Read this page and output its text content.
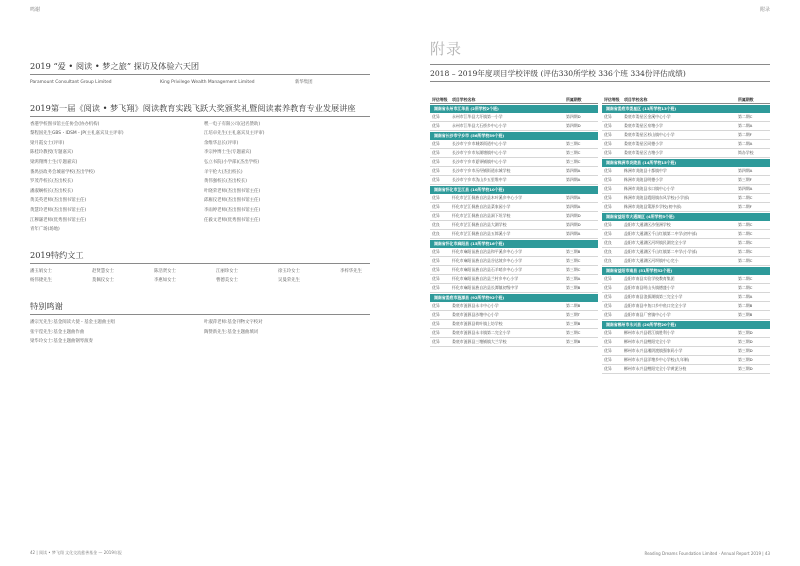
鸣谢
2019 “爱 • 阅读 • 梦之旅” 探访及体验六天团
Paramount Consultant Group Limited	King Privilege Wealth Management Limited	新华集团
2019第一届《阅读 • 梦飞翔》阅读教育实践飞跃大奖颁奖礼暨阅读素养教育专业发展讲座
香港学校图书馆主任协会(协办机构)	嘿一电子有限公司(冠名赞助)
黎程国先生GBS・IDSM・JP(主礼嘉宾及主评审)	江培卓先生(主礼嘉宾及主评审)
梁月霞女士(评审)	余维华总长(评审)
陈桂玲教授(专题嘉宾)	李宗仲博士生(专题嘉宾)
梁鸿翔博士生(专题嘉宾)	弘立书院(小学部)(杰出学校)
番禺县政务会城嘉学校(杰出学校)	羊宇伦大(杰出校长)
罗茂芹校长(杰出校长)	黄伟强校长(杰出校长)
潘淑娴校长(杰出校长)	叶晓荣老师(杰出图书馆主任)
黄美英老师(杰出图书馆主任)	邱雁仪老师(杰出图书馆主任)
黄慧玲老师(杰出图书馆主任)	李雨婷老师(杰出图书馆主任)
江穆谦老师(优秀图书馆主任)	任毅文老师(优秀图书馆主任)
青年广场(场地)
2019特约文工
潘玉娟女士	赵贤慧女士	陈浩贤女士	江丽珍女士	徐玉玲女士	李梓华先生
杨伟捷先生	莫佩仪女士	李惠如女士	曹德美女士	吴曼荣先生
特别鸣谢
潘宗光先生:基金阅读大使・基金主题曲主唱	叶淑萍老师:基金刊物文字校对
张宇滢先生:基金主题曲作曲	陶赞新先生:基金主题曲填词
梁毕玲女士:基金主题曲钢琴演奏
42 | 阅读 • 梦飞翔 文化交流慈善基金 — 2019年报
附录
附录
2018 – 2019年度项目学校评级 (评估330所学校 336个班 334份评估成绩)
评估等级	项目学校名称	所属期数
湖南省永州市江华县 (2所学校2个班)
优异	永州市江华县大圩镇第一小学	第四期D
优异	永州市江华县大石桥乡中心小学	第四期D
湖南省长沙市宁乡市 (56所学校59个班)
优异	长沙市宁乡市城郊街道中心小学	第三期C
优异	长沙市宁乡市东湖塘镇中心小学	第三期C
优异	长沙市宁乡市夏铎铺镇中心小学	第三期C
优异	长沙市宁乡市历经铺街道东城学校	第四期A
优异	长沙市宁乡市沩山乡五里堆中学	第四期A
湖南省怀化市芷江县 (10所学校10个班)
优异	怀化市芷江侗族自治县木叶溪乡中心小学	第四期A
优异	怀化市芷江侗族自治县菜家园小学	第四期A
优异	怀化市芷江侗族自治县洞下坦学校	第四期D
优良	怀化市芷江侗族自治县大湖学校	第四期D
优良	怀化市芷江侗族自治县五郎溪小学	第四期A
湖南省怀化市麻阳县 (15所学校16个班)
优异	怀化市麻阳苗族自治县和平溪乡中心小学	第三期B
优异	怀化市麻阳苗族自治县谷达坡乡中心小学	第三期C
优异	怀化市麻阳苗族自治县石羊哨乡中心小学	第三期C
优异	怀化市麻阳苗族自治县兰村乡中心小学	第三期A
优异	怀化市麻阳苗族自治县长潭镇初级中学	第三期B
湖南省娄底市涟源县 (92所学校92个班)
优异	娄底市涟源县永丰中心小学	第二期B
优异	娄底市涟源县沙塘中心小学	第三期T
优异	娄底市涟源县荷叶镇上坊学校	第三期B
优异	娄底市涟源县永丰镇第二完全小学	第三期C
优异	娄底市涟源县三塘铺镇大兰学校	第三期B
评估等级	项目学校名称	所属期数
湖南省娄底市娄星区 (13所学校13个班)
优异	娄底市娄星区金溪中心小学	第二期C
优异	娄底市娄星区泉塘小学	第二期A
优异	娄底市娄星区杉山镇中心小学	第二期F
优异	娄底市娄星区同德小学	第二期A
优异	娄底市娄星区古塘小学	简办学校
湖南省株洲市炎陵县 (14所学校15个班)
优异	株洲市炎陵县十都镇中学	第四期A
优异	株洲市炎陵县明德小学	第三期F
优异	株洲市炎陵县水口镇中心小学	第四期A
优异	株洲市炎陵县霞阳镇东风学校(小学部)	第二期C
优异	株洲市炎陵县策源乡学校(初中部)	第二期F
湖南省益阳市大通湖区 (4所学校5个班)
优异	益阳市大通湖区沙堡洲学校	第二期C
优异	益阳市大通湖区千山红镇第二中学(初中部)	第二期C
优良	益阳市大通湖区河坝镇民湖完全小学	第二期C
优良	益阳市大通湖区千山红镇第二中学(小学部)	第二期C
优良	益阳市大通湖区河坝镇中心完小	第二期C
湖南省益阳市南县 (51所学校52个班)
优异	益阳市南县实验学校教育集团	第二期C
优异	益阳市南县明山头镇德盛小学	第二期C
优异	益阳市南县浪拔湖镇第三完全小学	第二期A
优异	益阳市南县中鱼口乡中鱼口完全小学	第二期B
优异	益阳市南县厂窖镇中心小学	第三期B
湖南省郴州市永兴县 (20所学校20个班)
优异	郴州市永兴县碧江镇胜利小学	第三期D
优异	郴州市永兴县鲤阳完全小学	第三期D
优异	郴州市永兴县湘阴渡镇强家码小学	第三期D
优异	郴州市永兴县洋塘乡中心学校(九年制)	第三期D
优异	郴州市永兴县鲤阳完全小学黄泥分校	第三期D
Reading Dreams Foundation Limited · Annual Report 2019 | 43
